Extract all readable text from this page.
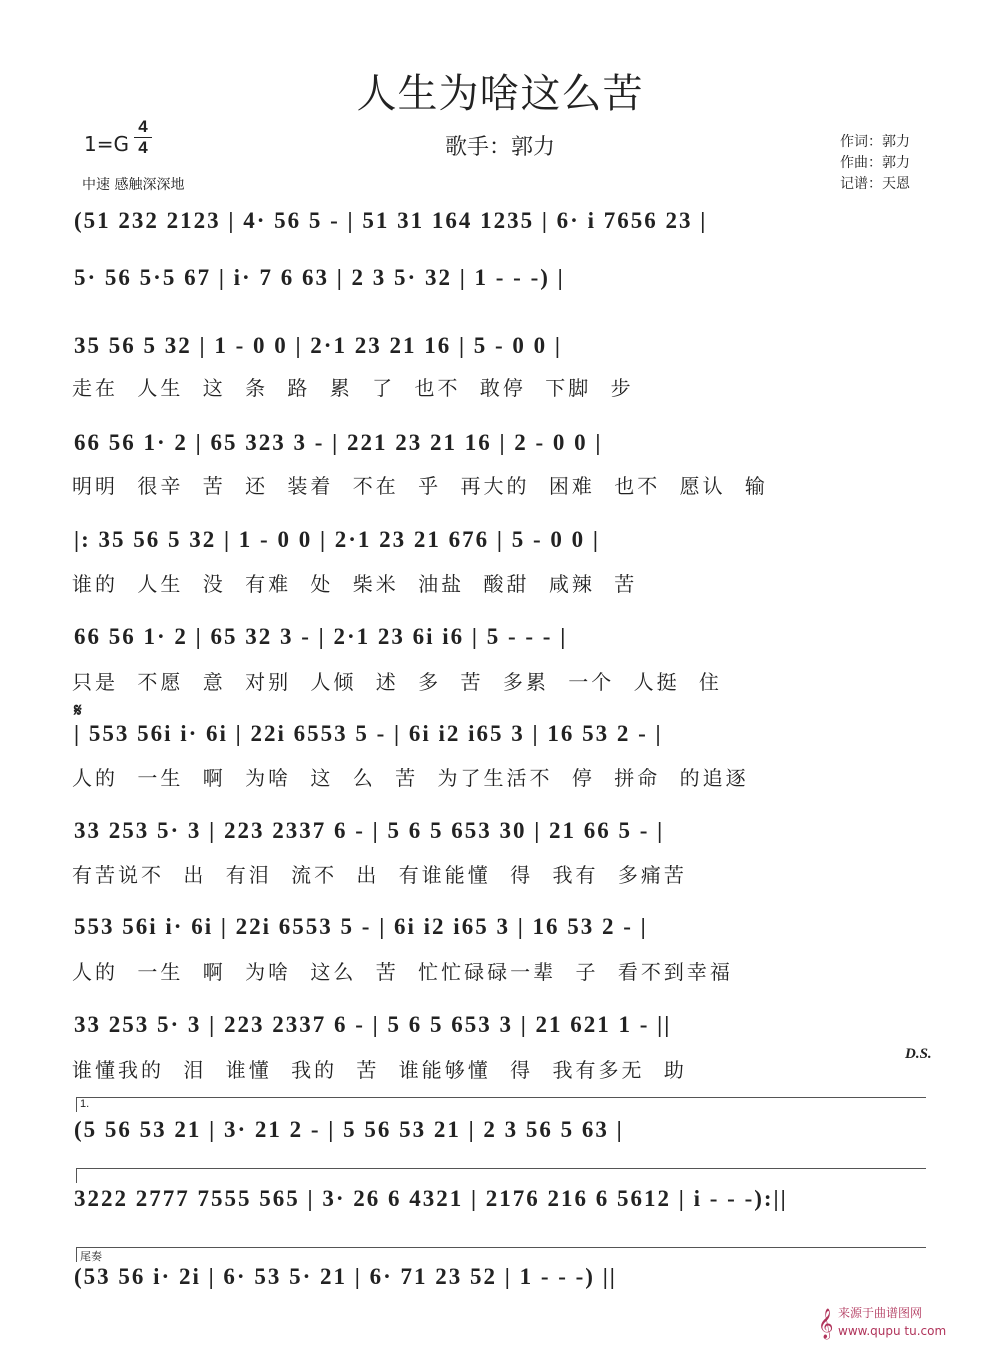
人生为啥这么苦
歌手：郭力
1=G
4
4
中速 感触深深地
作词：郭力
作曲：郭力
记谱：天恩
(51 232 2123 | 4· 56 5 - | 51 31 164 1235 | 6· i 7656 23 |
5· 56 5·5 67 | i· 7 6 63 | 2 3 5· 32 | 1 - - -) |
35 56 5 32 | 1 - 0 0 | 2·1 23 21 16 | 5 - 0 0 |
走在 人生 这 条 路 累 了 也不 敢停 下脚 步
66 56 1· 2 | 65 323 3 - | 221 23 21 16 | 2 - 0 0 |
明明 很辛 苦 还 装着 不在 乎 再大的 困难 也不 愿认 输
|: 35 56 5 32 | 1 - 0 0 | 2·1 23 21 676 | 5 - 0 0 |
谁的 人生 没 有难 处 柴米 油盐 酸甜 咸辣 苦
66 56 1· 2 | 65 32 3 - | 2·1 23 6i i6 | 5 - - - |
只是 不愿 意 对别 人倾 述 多 苦 多累 一个 人挺 住
𝄋
| 553 56i i· 6i | 22i 6553 5 - | 6i i2 i65 3 | 16 53 2 - |
人的 一生 啊 为啥 这 么 苦 为了生活不 停 拼命 的追逐
33 253 5· 3 | 223 2337 6 - | 5 6 5 653 30 | 21 66 5 - |
有苦说不 出 有泪 流不 出 有谁能懂 得 我有 多痛苦
553 56i i· 6i | 22i 6553 5 - | 6i i2 i65 3 | 16 53 2 - |
人的 一生 啊 为啥 这么 苦 忙忙碌碌一辈 子 看不到幸福
33 253 5· 3 | 223 2337 6 - | 5 6 5 653 3 | 21 621 1 - ||
谁懂我的 泪 谁懂 我的 苦 谁能够懂 得 我有多无 助
D.S.
1.
(5 56 53 21 | 3· 21 2 - | 5 56 53 21 | 2 3 56 5 63 |
3222 2777 7555 565 | 3· 26 6 4321 | 2176 216 6 5612 | i - - -):||
尾奏
(53 56 i· 2i | 6· 53 5· 21 | 6· 71 23 52 | 1 - - -) ||
𝄞 来源于曲谱图网
www.qupu tu.com
